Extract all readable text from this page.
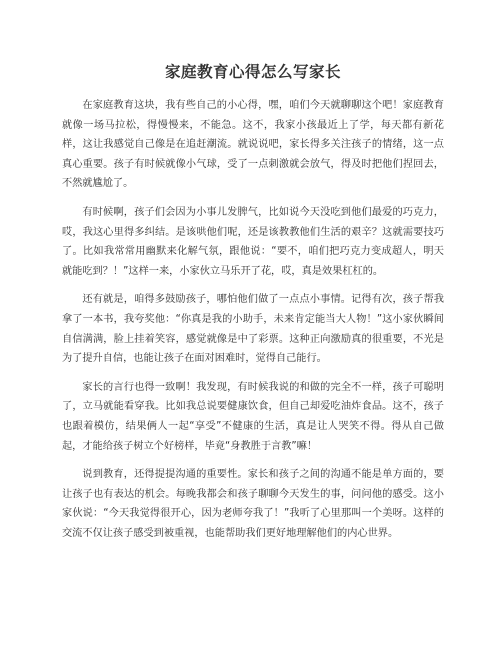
家庭教育心得怎么写家长

在家庭教育这块，我有些自己的小心得，嘿，咱们今天就聊聊这个吧！家庭教育就像一场马拉松，得慢慢来，不能急。这不，我家小孩最近上了学，每天都有新花样，这让我感觉自己像是在追赶潮流。就说说吧，家长得多关注孩子的情绪，这一点真心重要。孩子有时候就像小气球，受了一点刺激就会放气，得及时把他们捏回去，不然就尴尬了。

有时候啊，孩子们会因为小事儿发脾气，比如说今天没吃到他们最爱的巧克力，哎，我这心里得多纠结。是该哄他们呢，还是该教教他们生活的艰辛？这就需要技巧了。比如我常常用幽默来化解气氛，跟他说：“要不，咱们把巧克力变成超人，明天就能吃到？！”这样一来，小家伙立马乐开了花，哎，真是效果杠杠的。

还有就是，咱得多鼓励孩子，哪怕他们做了一点点小事情。记得有次，孩子帮我拿了一本书，我夸奖他：“你真是我的小助手，未来肯定能当大人物！”这小家伙瞬间自信满满，脸上挂着笑容，感觉就像是中了彩票。这种正向激励真的很重要，不光是为了提升自信，也能让孩子在面对困难时，觉得自己能行。

家长的言行也得一致啊！我发现，有时候我说的和做的完全不一样，孩子可聪明了，立马就能看穿我。比如我总说要健康饮食，但自己却爱吃油炸食品。这不，孩子也跟着模仿，结果俩人一起“享受”不健康的生活，真是让人哭笑不得。得从自己做起，才能给孩子树立个好榜样，毕竟“身教胜于言教”嘛！

说到教育，还得提提沟通的重要性。家长和孩子之间的沟通不能是单方面的，要让孩子也有表达的机会。每晚我都会和孩子聊聊今天发生的事，问问他的感受。这小家伙说：“今天我觉得很开心，因为老师夸我了！”我听了心里那叫一个美呀。这样的交流不仅让孩子感受到被重视，也能帮助我们更好地理解他们的内心世界。
